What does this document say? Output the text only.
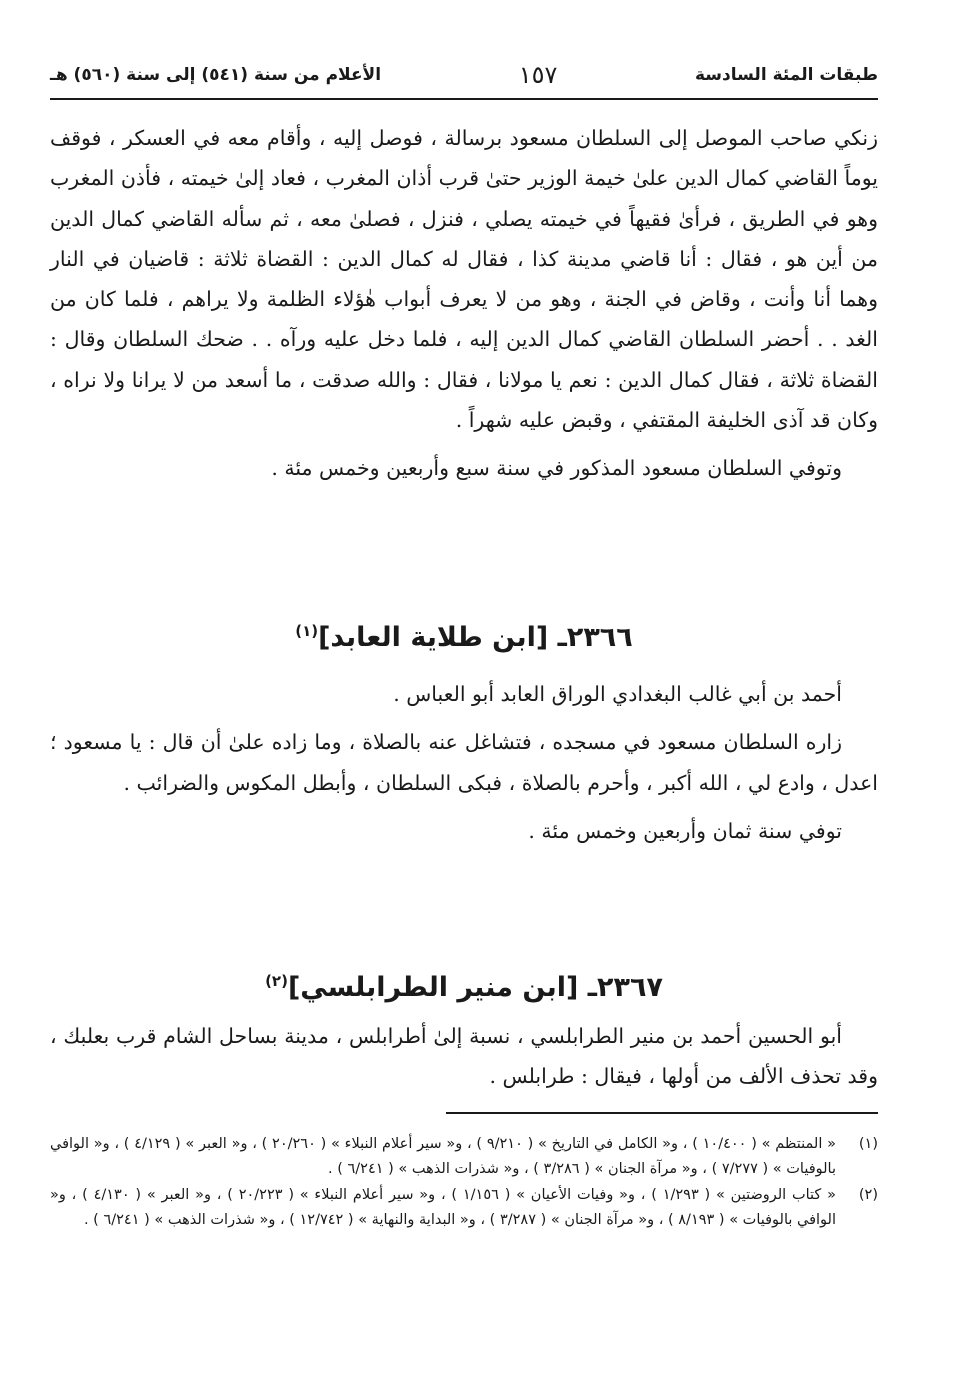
طبقات المئة السادسة
١٥٧
الأعلام من سنة (٥٤١) إلى سنة (٥٦٠) هـ

زنكي صاحب الموصل إلى السلطان مسعود برسالة ، فوصل إليه ، وأقام معه في العسكر ، فوقف يوماً القاضي كمال الدين علىٰ خيمة الوزير حتىٰ قرب أذان المغرب ، فعاد إلىٰ خيمته ، فأذن المغرب وهو في الطريق ، فرأىٰ فقيهاً في خيمته يصلي ، فنزل ، فصلىٰ معه ، ثم سأله القاضي كمال الدين من أين هو ، فقال : أنا قاضي مدينة كذا ، فقال له كمال الدين : القضاة ثلاثة : قاضيان في النار وهما أنا وأنت ، وقاض في الجنة ، وهو من لا يعرف أبواب هٰؤلاء الظلمة ولا يراهم ، فلما كان من الغد . . أحضر السلطان القاضي كمال الدين إليه ، فلما دخل عليه ورآه . . ضحك السلطان وقال : القضاة ثلاثة ، فقال كمال الدين : نعم يا مولانا ، فقال : والله صدقت ، ما أسعد من لا يرانا ولا نراه ، وكان قد آذى الخليفة المقتفي ، وقبض عليه شهراً .

وتوفي السلطان مسعود المذكور في سنة سبع وأربعين وخمس مئة .

٢٣٦٦ـ [ابن طلاية العابد]$^{(١)}$

أحمد بن أبي غالب البغدادي الوراق العابد أبو العباس .

زاره السلطان مسعود في مسجده ، فتشاغل عنه بالصلاة ، وما زاده علىٰ أن قال : يا مسعود ؛ اعدل ، وادع لي ، الله أكبر ، وأحرم بالصلاة ، فبكى السلطان ، وأبطل المكوس والضرائب .

توفي سنة ثمان وأربعين وخمس مئة .

٢٣٦٧ـ [ابن منير الطرابلسي]$^{(٢)}$

أبو الحسين أحمد بن منير الطرابلسي ، نسبة إلىٰ أطرابلس ، مدينة بساحل الشام قرب بعلبك ، وقد تحذف الألف من أولها ، فيقال : طرابلس .

(١)

« المنتظم » ( ١٠/٤٠٠ ) ، و« الكامل في التاريخ » ( ٩/٢١٠ ) ، و« سير أعلام النبلاء » ( ٢٠/٢٦٠ ) ، و« العبر » ( ٤/١٢٩ ) ، و« الوافي بالوفيات » ( ٧/٢٧٧ ) ، و« مرآة الجنان » ( ٣/٢٨٦ ) ، و« شذرات الذهب » ( ٦/٢٤١ ) .

(٢)

« كتاب الروضتين » ( ١/٢٩٣ ) ، و« وفيات الأعيان » ( ١/١٥٦ ) ، و« سير أعلام النبلاء » ( ٢٠/٢٢٣ ) ، و« العبر » ( ٤/١٣٠ ) ، و« الوافي بالوفيات » ( ٨/١٩٣ ) ، و« مرآة الجنان » ( ٣/٢٨٧ ) ، و« البداية والنهاية » ( ١٢/٧٤٢ ) ، و« شذرات الذهب » ( ٦/٢٤١ ) .
